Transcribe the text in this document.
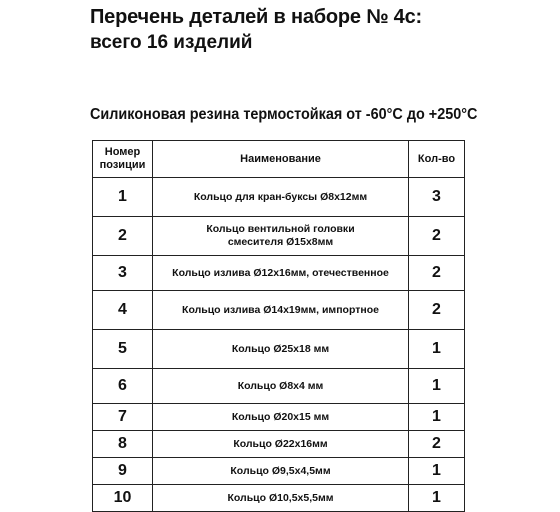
Перечень деталей в наборе № 4с:
всего 16 изделий
Силиконовая резина термостойкая от -60°С до +250°С
Номер
позиции	Наименование	Кол-во
1	Кольцо для кран-буксы Ø8x12мм	3
2	Кольцо вентильной головки
смесителя Ø15x8мм	2
3	Кольцо излива Ø12x16мм, отечественное	2
4	Кольцо излива Ø14x19мм, импортное	2
5	Кольцо Ø25x18 мм	1
6	Кольцо Ø8x4 мм	1
7	Кольцо Ø20x15 мм	1
8	Кольцо Ø22x16мм	2
9	Кольцо Ø9,5x4,5мм	1
10	Кольцо Ø10,5x5,5мм	1
